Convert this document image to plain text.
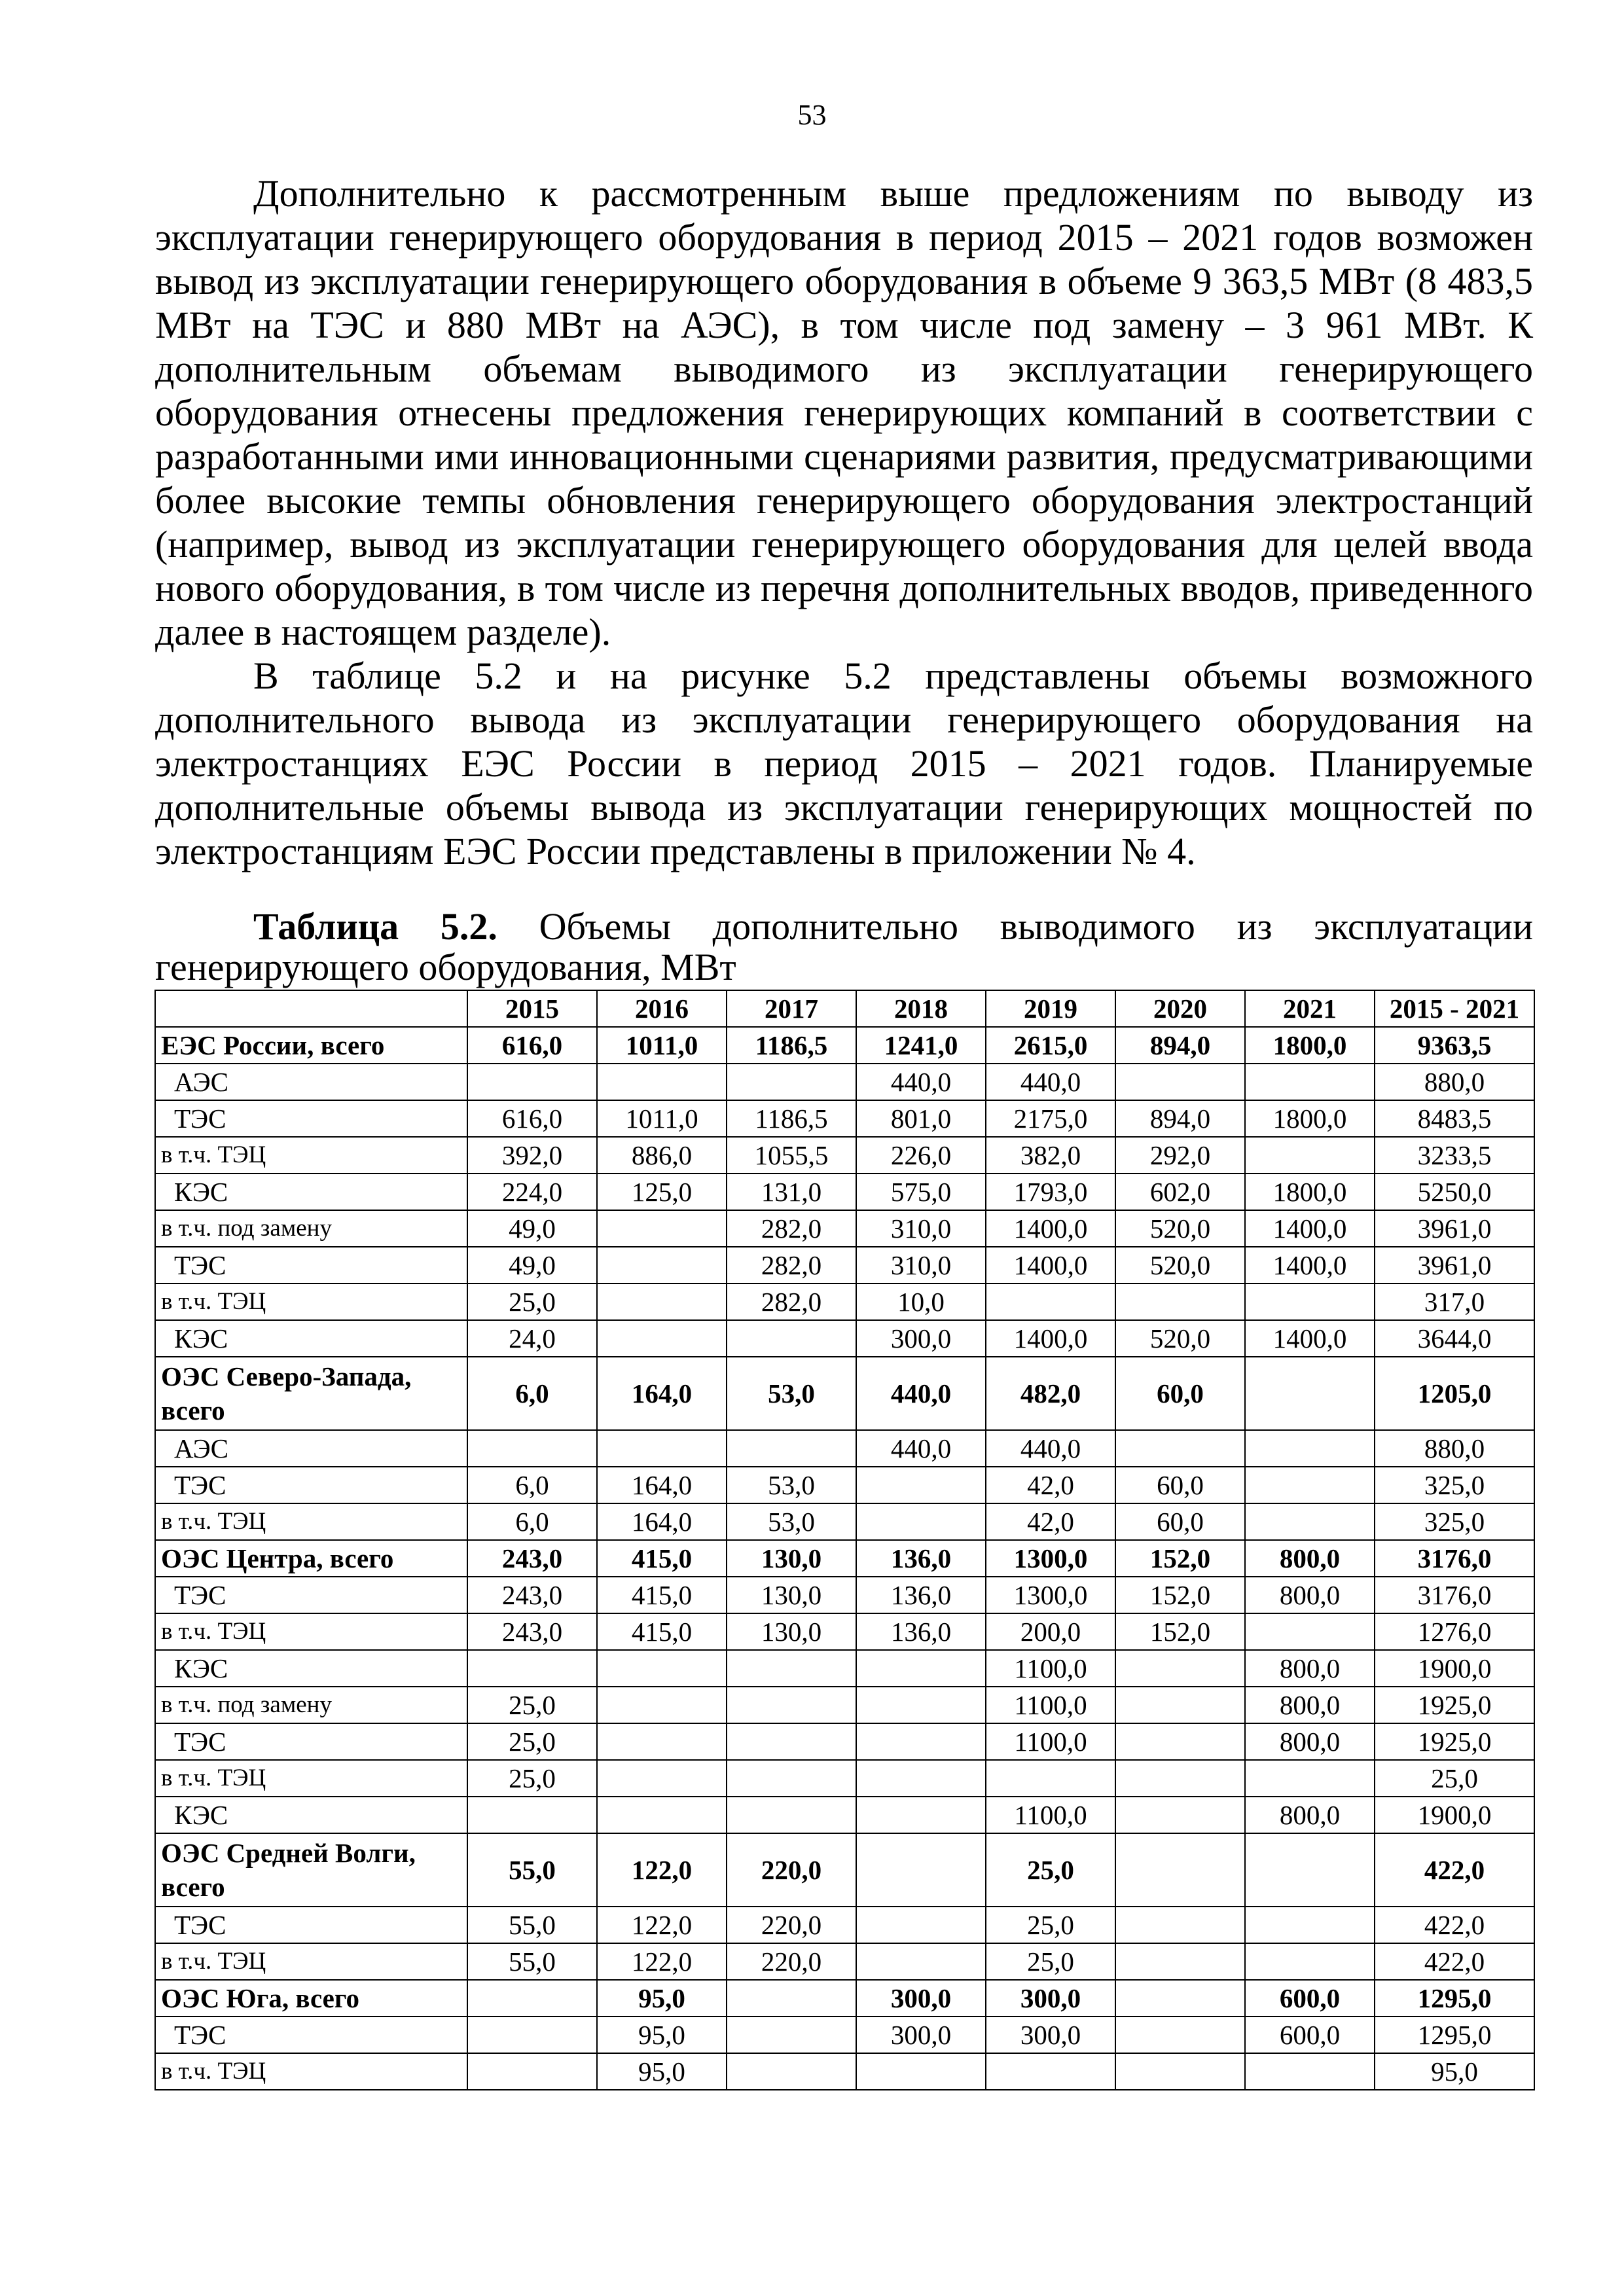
53

Дополнительно к рассмотренным выше предложениям по выводу из эксплуатации генерирующего оборудования в период 2015 – 2021 годов возможен вывод из эксплуатации генерирующего оборудования в объеме 9 363,5 МВт (8 483,5 МВт на ТЭС и 880 МВт на АЭС), в том числе под замену – 3 961 МВт. К дополнительным объемам выводимого из эксплуатации генерирующего оборудования отнесены предложения генерирующих компаний в соответствии с разработанными ими инновационными сценариями развития, предусматривающими более высокие темпы обновления генерирующего оборудования электростанций (например, вывод из эксплуатации генерирующего оборудования для целей ввода нового оборудования, в том числе из перечня дополнительных вводов, приведенного далее в настоящем разделе).

В таблице 5.2 и на рисунке 5.2 представлены объемы возможного дополнительного вывода из эксплуатации генерирующего оборудования на электростанциях ЕЭС России в период 2015 – 2021 годов. Планируемые дополнительные объемы вывода из эксплуатации генерирующих мощностей по электростанциям ЕЭС России представлены в приложении № 4.

Таблица 5.2. Объемы дополнительно выводимого из эксплуатации генерирующего оборудования, МВт
	2015	2016	2017	2018	2019	2020	2021	2015 - 2021
ЕЭС России, всего	616,0	1011,0	1186,5	1241,0	2615,0	894,0	1800,0	9363,5
АЭС				440,0	440,0			880,0
ТЭС	616,0	1011,0	1186,5	801,0	2175,0	894,0	1800,0	8483,5
в т.ч. ТЭЦ	392,0	886,0	1055,5	226,0	382,0	292,0		3233,5
КЭС	224,0	125,0	131,0	575,0	1793,0	602,0	1800,0	5250,0
в т.ч. под замену	49,0		282,0	310,0	1400,0	520,0	1400,0	3961,0
ТЭС	49,0		282,0	310,0	1400,0	520,0	1400,0	3961,0
в т.ч. ТЭЦ	25,0		282,0	10,0				317,0
КЭС	24,0			300,0	1400,0	520,0	1400,0	3644,0
ОЭС Северо-Запада, всего	6,0	164,0	53,0	440,0	482,0	60,0		1205,0
АЭС				440,0	440,0			880,0
ТЭС	6,0	164,0	53,0		42,0	60,0		325,0
в т.ч. ТЭЦ	6,0	164,0	53,0		42,0	60,0		325,0
ОЭС Центра, всего	243,0	415,0	130,0	136,0	1300,0	152,0	800,0	3176,0
ТЭС	243,0	415,0	130,0	136,0	1300,0	152,0	800,0	3176,0
в т.ч. ТЭЦ	243,0	415,0	130,0	136,0	200,0	152,0		1276,0
КЭС					1100,0		800,0	1900,0
в т.ч. под замену	25,0				1100,0		800,0	1925,0
ТЭС	25,0				1100,0		800,0	1925,0
в т.ч. ТЭЦ	25,0							25,0
КЭС					1100,0		800,0	1900,0
ОЭС Средней Волги, всего	55,0	122,0	220,0		25,0			422,0
ТЭС	55,0	122,0	220,0		25,0			422,0
в т.ч. ТЭЦ	55,0	122,0	220,0		25,0			422,0
ОЭС Юга, всего		95,0		300,0	300,0		600,0	1295,0
ТЭС		95,0		300,0	300,0		600,0	1295,0
в т.ч. ТЭЦ		95,0						95,0
